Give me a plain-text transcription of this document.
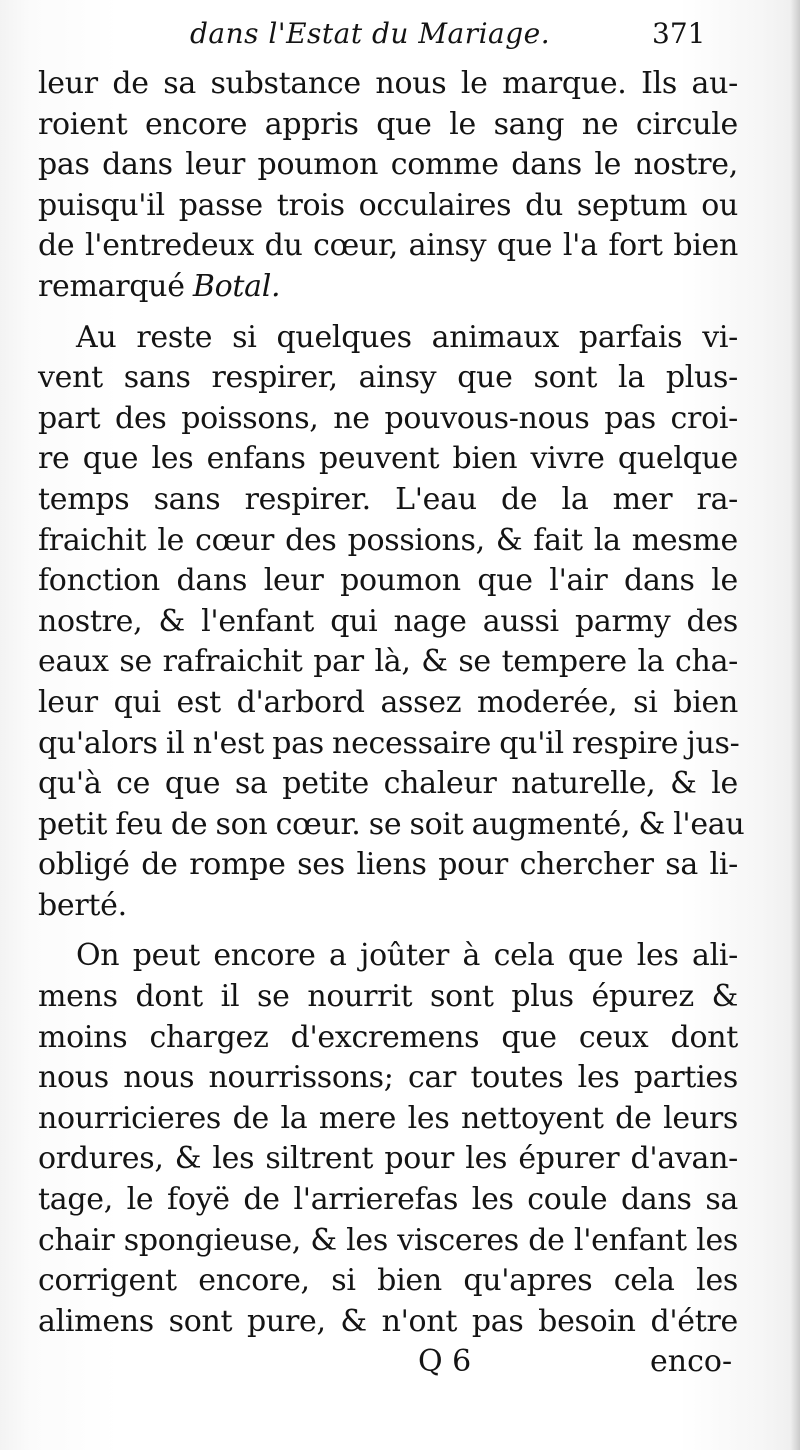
dans l'Estat du Mariage.	371
leur de sa substance nous le marque. Ils au-
roient encore appris que le sang ne circule
pas dans leur poumon comme dans le nostre,
puisqu'il passe trois occulaires du septum ou
de l'entredeux du cœur, ainsy que l'a fort bien
remarqué Botal.
Au reste si quelques animaux parfais vi-
vent sans respirer, ainsy que sont la plus-
part des poissons, ne pouvous-nous pas croi-
re que les enfans peuvent bien vivre quelque
temps sans respirer. L'eau de la mer ra-
fraichit le cœur des possions, & fait la mesme
fonction dans leur poumon que l'air dans le
nostre, & l'enfant qui nage aussi parmy des
eaux se rafraichit par là, & se tempere la cha-
leur qui est d'arbord assez moderée, si bien
qu'alors il n'est pas necessaire qu'il respire jus-
qu'à ce que sa petite chaleur naturelle, & le
petit feu de son cœur. se soit augmenté, & l'eau
obligé de rompe ses liens pour chercher sa li-
berté.
On peut encore a joûter à cela que les ali-
mens dont il se nourrit sont plus épurez &
moins chargez d'excremens que ceux dont
nous nous nourrissons; car toutes les parties
nourricieres de la mere les nettoyent de leurs
ordures, & les siltrent pour les épurer d'avan-
tage, le foyë de l'arrierefas les coule dans sa
chair spongieuse, & les visceres de l'enfant les
corrigent encore, si bien qu'apres cela les
alimens sont pure, & n'ont pas besoin d'étre
Q 6	enco-
